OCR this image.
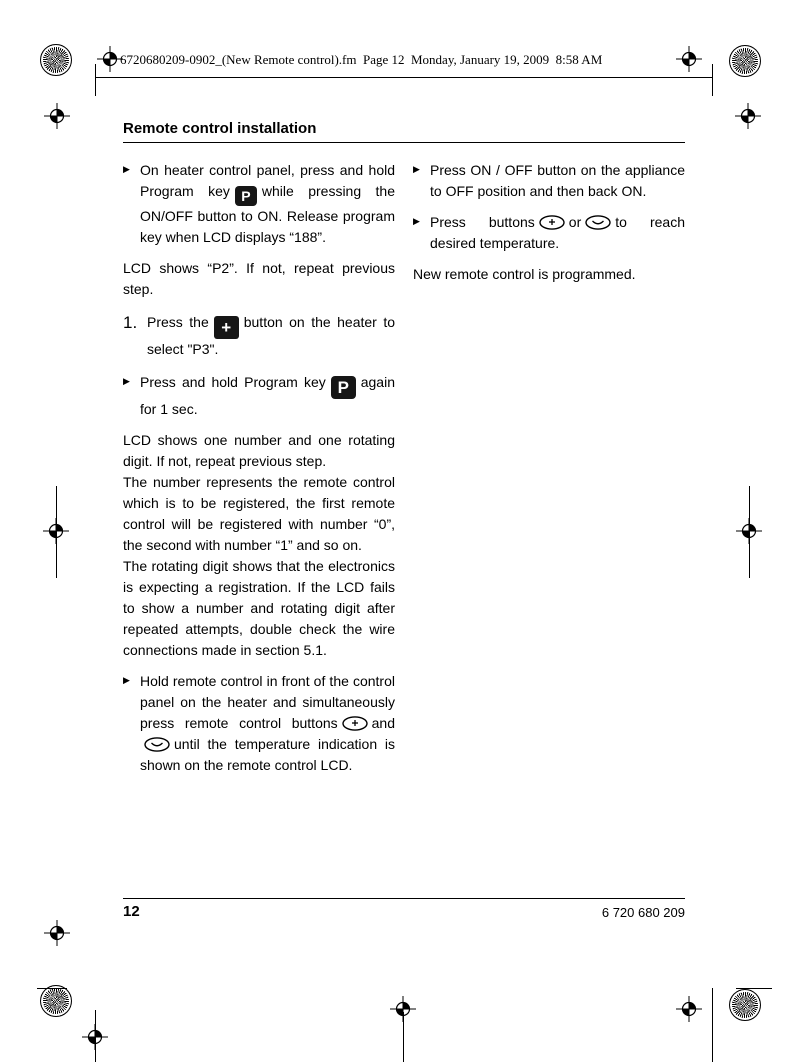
6720680209-0902_(New Remote control).fm  Page 12  Monday, January 19, 2009  8:58 AM
Remote control installation
▶ On heater control panel, press and hold Program key P while pressing the ON/OFF button to ON. Release program key when LCD displays “188”.

LCD shows “P2”. If not, repeat previous step.

1. Press the + button on the heater to select "P3".

▶ Press and hold Program key P again for 1 sec.

LCD shows one number and one rotating digit. If not, repeat previous step.

The number represents the remote control which is to be registered, the first remote control will be registered with number “0”, the second with number “1” and so on.

The rotating digit shows that the electronics is expecting a registration. If the LCD fails to show a number and rotating digit after repeated attempts, double check the wire connections made in section 5.1.

▶ Hold remote control in front of the control panel on the heater and simultaneously press remote control buttons anduntil the temperature indication is shown on the remote control LCD.

▶ Press ON / OFF button on the appliance to OFF position and then back ON.

▶ Press buttons or to reach desired temperature.

New remote control is programmed.

12	6 720 680 209
